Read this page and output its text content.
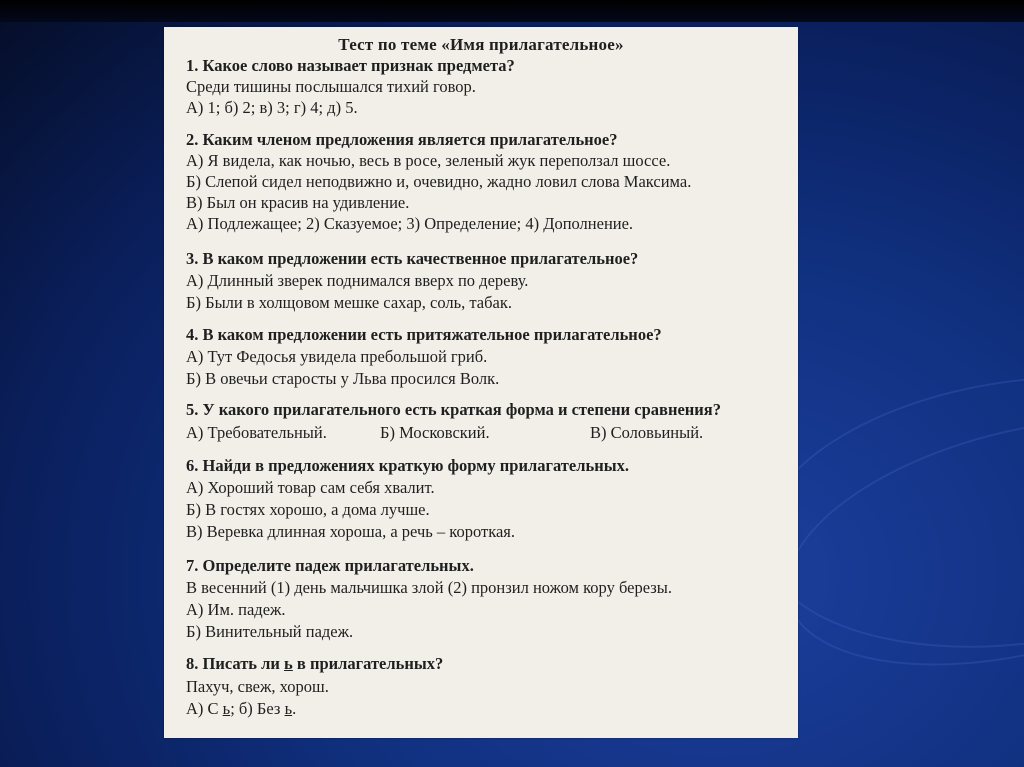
Тест по теме «Имя прилагательное»
1. Какое слово называет признак предмета?
Среди тишины послышался тихий говор.
А) 1; б) 2; в) 3; г) 4; д) 5.
2. Каким членом предложения является прилагательное?
А) Я видела, как ночью, весь в росе, зеленый жук переползал шоссе.
Б) Слепой сидел неподвижно и, очевидно, жадно ловил слова Максима.
В) Был он красив на удивление.
А) Подлежащее; 2) Сказуемое; 3) Определение; 4) Дополнение.
3. В каком предложении есть качественное прилагательное?
А) Длинный зверек поднимался вверх по дереву.
Б) Были в холщовом мешке сахар, соль, табак.
4. В каком предложении есть притяжательное прилагательное?
А) Тут Федосья увидела пребольшой гриб.
Б) В овечьи старосты у Льва просился Волк.
5. У какого прилагательного есть краткая форма и степени сравнения?
А) Требовательный.	Б) Московский.	В) Соловьиный.
6. Найди в предложениях краткую форму прилагательных.
А) Хороший товар сам себя хвалит.
Б) В гостях хорошо, а дома лучше.
В) Веревка длинная хороша, а речь – короткая.
7. Определите падеж прилагательных.
В весенний (1) день мальчишка злой (2) пронзил ножом кору березы.
А) Им. падеж.
Б) Винительный падеж.
8. Писать ли ь в прилагательных?
Пахуч, свеж, хорош.
А) С ь; б) Без ь.
